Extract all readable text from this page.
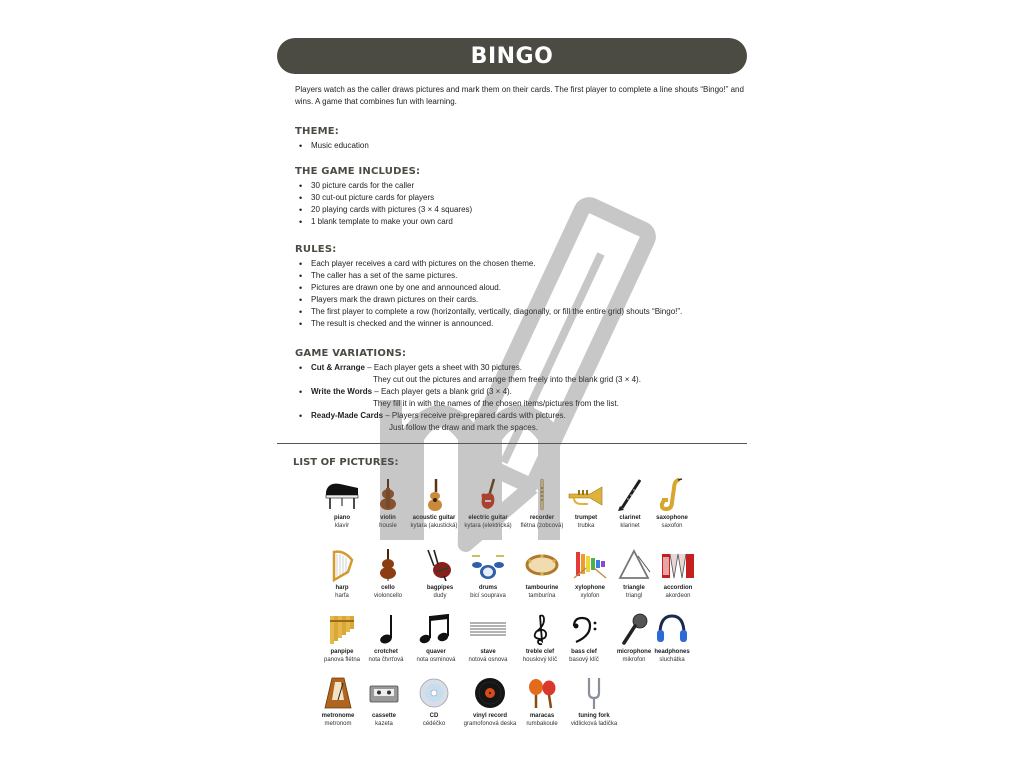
BINGO

Players watch as the caller draws pictures and mark them on their cards. The first player to complete a line shouts “Bingo!” and wins. A game that combines fun with learning.

THEME:
• Music education
THE GAME INCLUDES:
• 30 picture cards for the caller
• 30 cut-out picture cards for players
• 20 playing cards with pictures (3 × 4 squares)
• 1 blank template to make your own card
RULES:
• Each player receives a card with pictures on the chosen theme.
• The caller has a set of the same pictures.
• Pictures are drawn one by one and announced aloud.
• Players mark the drawn pictures on their cards.
• The first player to complete a row (horizontally, vertically, diagonally, or fill the entire grid) shouts “Bingo!”.
• The result is checked and the winner is announced.
GAME VARIATIONS:
• Cut & Arrange – Each player gets a sheet with 30 pictures.
They cut out the pictures and arrange them freely into the blank grid (3 × 4).
• Write the Words – Each player gets a blank grid (3 × 4).
They fill it in with the names of the chosen items/pictures from the list.
• Ready-Made Cards – Players receive pre-prepared cards with pictures.
Just follow the draw and mark the spaces.
LIST OF PICTURES:
piano
klavír
violin
housle
acoustic guitar
kytara (akustická)
electric guitar
kytara (elektrická)
recorder
flétna (zobcová)
trumpet
trubka
clarinet
klarinet
saxophone
saxofon
harp
harfa
cello
violoncello
bagpipes
dudy
drums
bicí souprava
tambourine
tamburína
xylophone
xylofon
triangle
triangl
accordion
akordeon
panpipe
panova flétna
crotchet
nota čtvrťová
quaver
nota osminová
stave
notová osnova
treble clef
houslový klíč
bass clef
basový klíč
microphone
mikrofon
headphones
sluchátka
metronome
metronom
cassette
kazeta
CD
cédéčko
vinyl record
gramofonová deska
maracas
rumbakoule
tuning fork
vidlicková ladička
